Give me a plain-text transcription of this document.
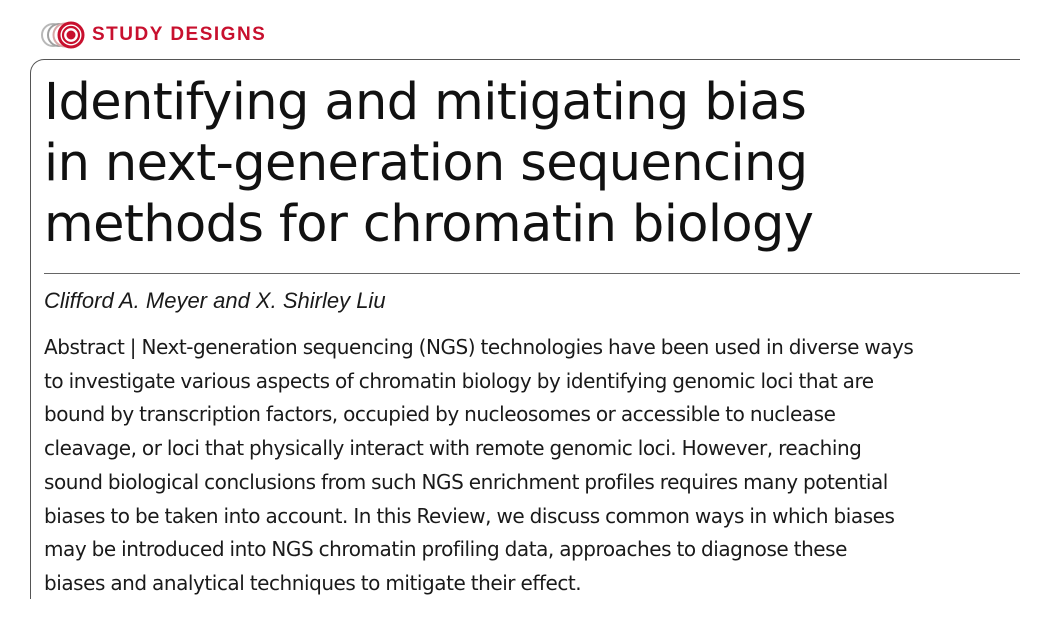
STUDY DESIGNS
Identifying and mitigating bias
in next-generation sequencing
methods for chromatin biology
Clifford A. Meyer and X. Shirley Liu
Abstract | Next-generation sequencing (NGS) technologies have been used in diverse ways
to investigate various aspects of chromatin biology by identifying genomic loci that are
bound by transcription factors, occupied by nucleosomes or accessible to nuclease
cleavage, or loci that physically interact with remote genomic loci. However, reaching
sound biological conclusions from such NGS enrichment profiles requires many potential
biases to be taken into account. In this Review, we discuss common ways in which biases
may be introduced into NGS chromatin profiling data, approaches to diagnose these
biases and analytical techniques to mitigate their effect.
